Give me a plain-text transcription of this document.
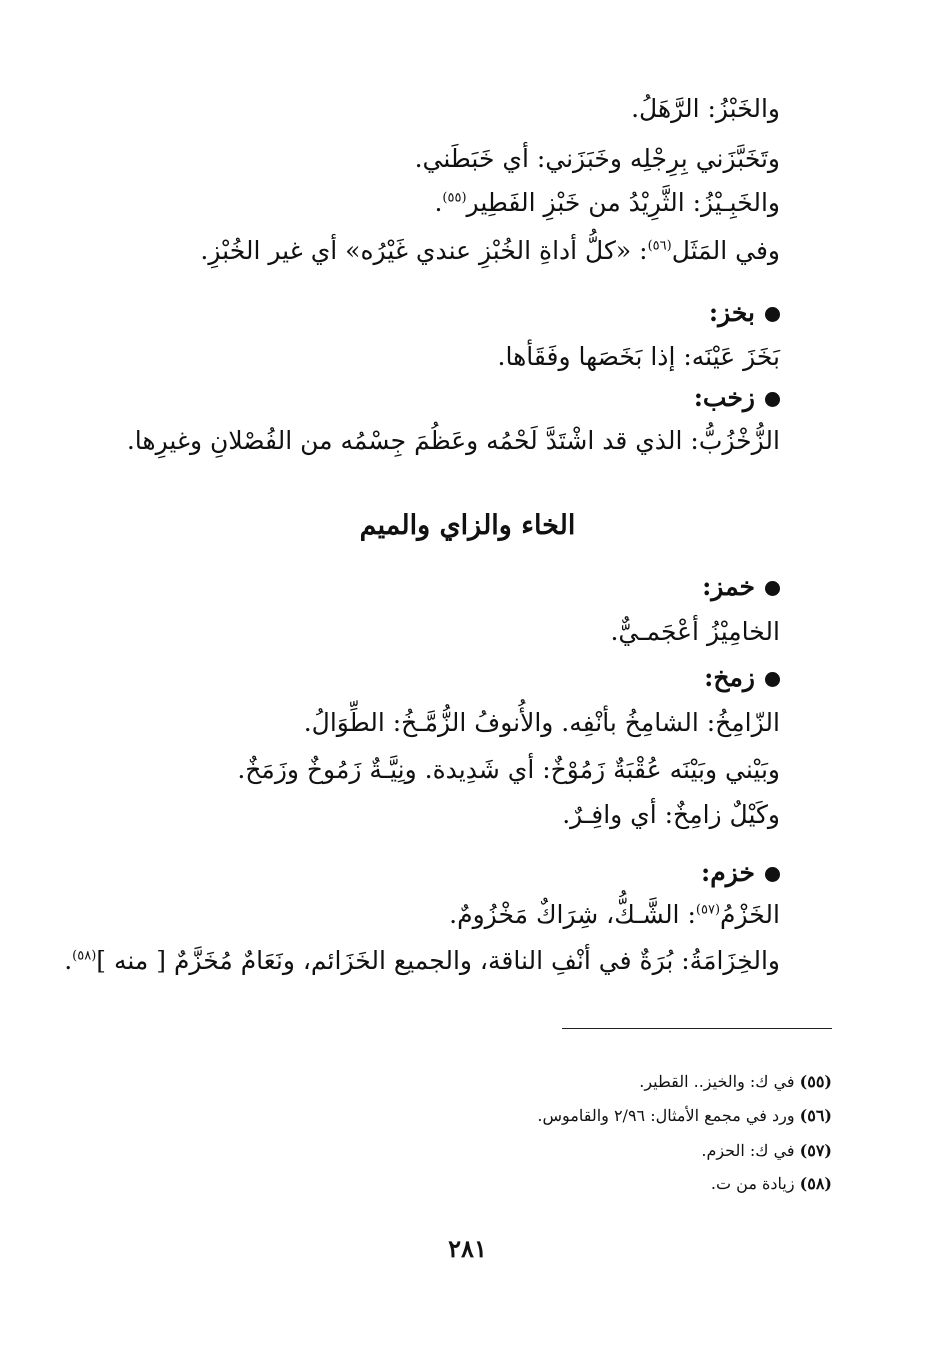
والخَبْزُ: الرَّهَلُ.
وتَخَبَّزَني بِرِجْلِه وخَبَزَني: أي خَبَطَني.
والخَبِـيْزُ: الثَّرِيْدُ من خَبْزِ الفَطِير$^{(٥٥)}$.
وفي المَثَل$^{(٥٦)}$: «كلُّ أداةِ الخُبْزِ عندي غَيْرُه» أي غير الخُبْزِ.
بخز:
بَخَزَ عَيْنَه: إذا بَخَصَها وفَقَأها.
زخب:
الزُّخْزُبُّ: الذي قد اشْتَدَّ لَحْمُه وعَظُمَ جِسْمُه من الفُصْلانِ وغيرِها.
الخاء والزاي والميم
خمز:
الخامِيْزُ أعْجَمـيٌّ.
زمخ:
الزّامِخُ: الشامِخُ بأنْفِه. والأُنوفُ الزُّمَّـخُ: الطِّوَالُ.
وبَيْني وبَيْنَه عُقْبَةٌ زَمُوْخٌ: أي شَدِيدة. ونِيَّـةٌ زَمُوخٌ وزَمَخٌ.
وكَيْلٌ زامِخٌ: أي وافِـرٌ.
خزم:
الخَزْمُ$^{(٥٧)}$: الشَّـكُّ، شِرَاكٌ مَخْزُومٌ.
والخِزَامَةُ: بُرَةٌ في أنْفِ الناقة، والجميع الخَزَائم، ونَعَامٌ مُخَزَّمٌ [ منه ]$^{(٥٨)}$.
(٥٥) في ك: والخيز.. القطير.
(٥٦) ورد في مجمع الأمثال: ٢/٩٦ والقاموس.
(٥٧) في ك: الحزم.
(٥٨) زيادة من ت.
٢٨١
